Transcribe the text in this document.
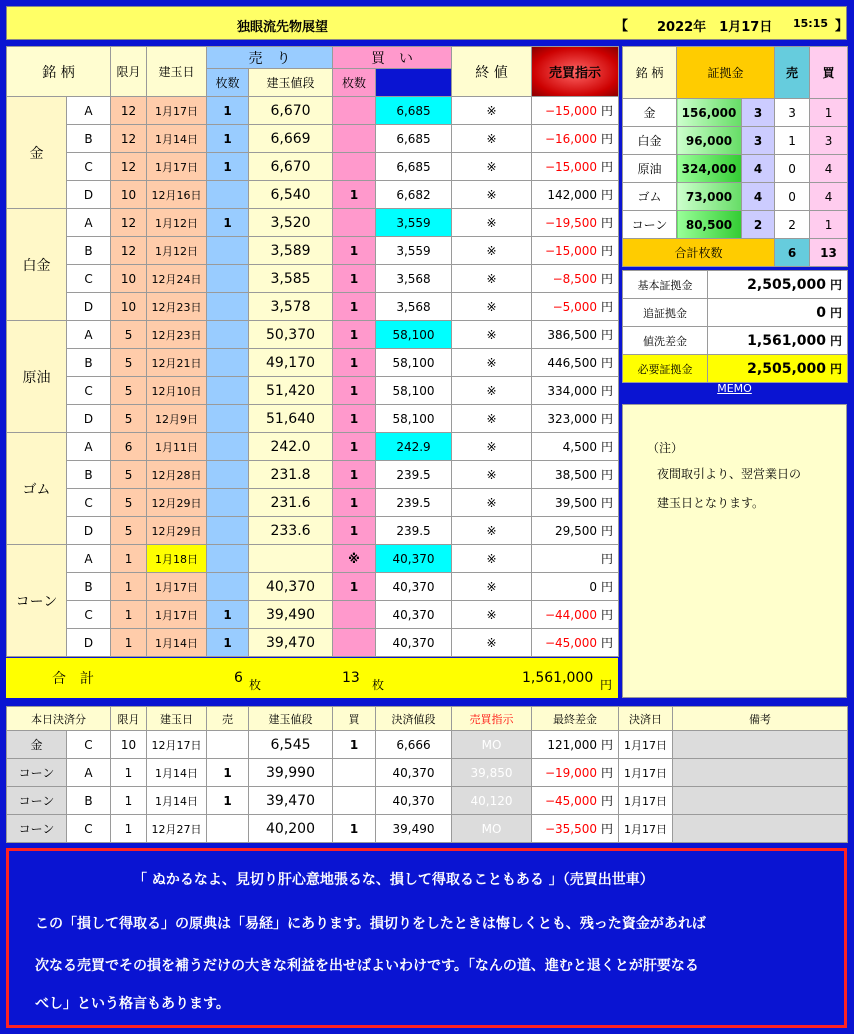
独眼流先物展望	【 2022年　1月17日 15:15 】
銘 柄		限月	建玉日	売　り		買　い		終 値	売買指示	
				枚数	建玉値段	枚数				
金	A	12	1月17日	1	6,670		6,685	※	−15,000 円	
	B	12	1月14日	1	6,669		6,685	※	−16,000 円	
	C	12	1月17日	1	6,670		6,685	※	−15,000 円	
	D	10	12月16日		6,540	1	6,682	※	142,000 円	
白金	A	12	1月12日	1	3,520		3,559	※	−19,500 円	
	B	12	1月12日		3,589	1	3,559	※	−15,000 円	
	C	10	12月24日		3,585	1	3,568	※	−8,500 円	
	D	10	12月23日		3,578	1	3,568	※	−5,000 円	
原油	A	5	12月23日		50,370	1	58,100	※	386,500 円	
	B	5	12月21日		49,170	1	58,100	※	446,500 円	
	C	5	12月10日		51,420	1	58,100	※	334,000 円	
	D	5	12月9日		51,640	1	58,100	※	323,000 円	
ゴム	A	6	1月11日		242.0	1	242.9	※	4,500 円	
	B	5	12月28日		231.8	1	239.5	※	38,500 円	
	C	5	12月29日		231.6	1	239.5	※	39,500 円	
	D	5	12月29日		233.6	1	239.5	※	29,500 円	
コーン	A	1	1月18日			※	40,370	※	円	
	B	1	1月17日		40,370	1	40,370	※	0 円	
	C	1	1月17日	1	39,490		40,370	※	−44,000 円	
	D	1	1月14日	1	39,470		40,370	※	−45,000 円	
合　計	6 枚	13 枚	1,561,000 円
銘 柄	証拠金		売	買
金	156,000	3	3	1
白金	96,000	3	1	3
原油	324,000	4	0	4
ゴム	73,000	4	0	4
コーン	80,500	2	2	1
合計枚数			6	13
基本証拠金	2,505,000 円
追証拠金	0 円
値洗差金	1,561,000 円
必要証拠金	2,505,000 円
MEMO
（注）
夜間取引より、翌営業日の
建玉日となります。
本日決済分		限月	建玉日	売	建玉値段	買	決済値段	売買指示	最終差金	決済日	備考
金	C	10	12月17日		6,545	1	6,666	MO	121,000 円	1月17日	
コーン	A	1	1月14日	1	39,990		40,370	39,850	−19,000 円	1月17日	
コーン	B	1	1月14日	1	39,470		40,370	40,120	−45,000 円	1月17日	
コーン	C	1	12月27日		40,200	1	39,490	MO	−35,500 円	1月17日	
「 ぬかるなよ、見切り肝心意地張るな、損して得取ることもある 」（売買出世車）
この「損して得取る」の原典は「易経」にあります。損切りをしたときは悔しくとも、残った資金があれば
次なる売買でその損を補うだけの大きな利益を出せばよいわけです。「なんの道、進むと退くとが肝要なる
べし」という格言もあります。
